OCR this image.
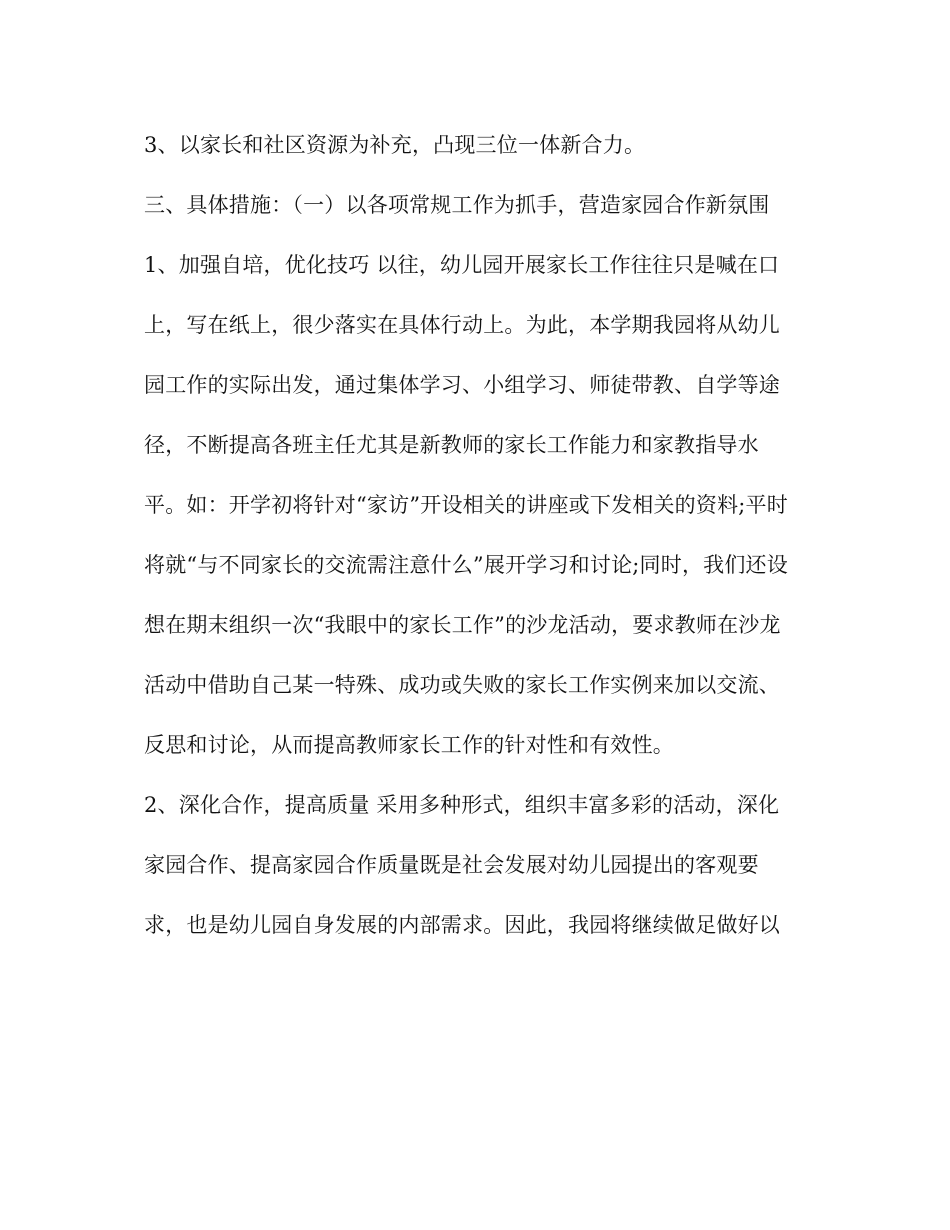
3、以家长和社区资源为补充，凸现三位一体新合力。
三、具体措施：（一）以各项常规工作为抓手，营造家园合作新氛围
1、加强自培，优化技巧 以往，幼儿园开展家长工作往往只是喊在口
上，写在纸上，很少落实在具体行动上。为此，本学期我园将从幼儿
园工作的实际出发，通过集体学习、小组学习、师徒带教、自学等途
径，不断提高各班主任尤其是新教师的家长工作能力和家教指导水
平。如：开学初将针对“家访”开设相关的讲座或下发相关的资料;平时
将就“与不同家长的交流需注意什么”展开学习和讨论;同时，我们还设
想在期末组织一次“我眼中的家长工作”的沙龙活动，要求教师在沙龙
活动中借助自己某一特殊、成功或失败的家长工作实例来加以交流、
反思和讨论，从而提高教师家长工作的针对性和有效性。
2、深化合作，提高质量 采用多种形式，组织丰富多彩的活动，深化
家园合作、提高家园合作质量既是社会发展对幼儿园提出的客观要
求，也是幼儿园自身发展的内部需求。因此，我园将继续做足做好以
